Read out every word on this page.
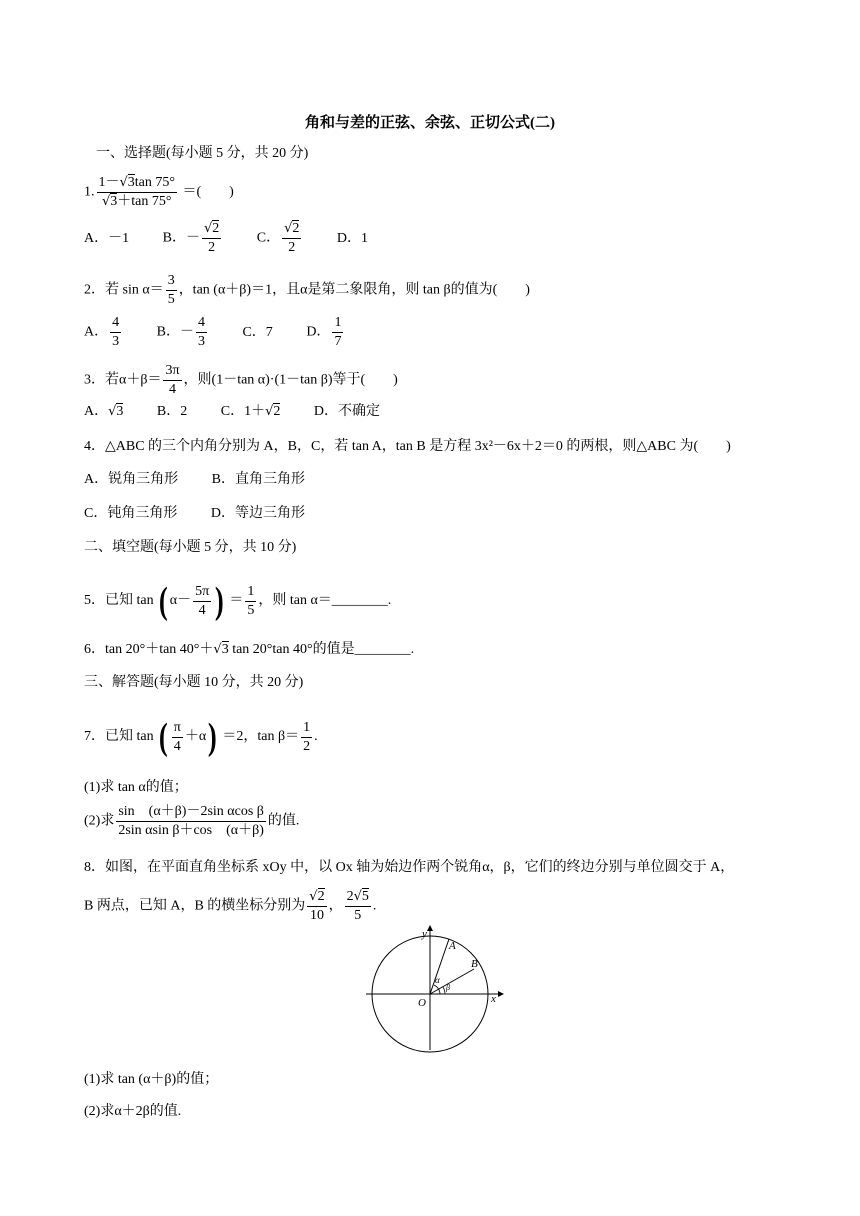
角和与差的正弦、余弦、正切公式(二)
一、选择题(每小题 5 分，共 20 分)
1. $\frac{1-√3\tan 75^\circ}{√3+\tan 75^\circ}$ ＝(　　)
A．－1 B．－ $\frac{√2}{2}$	C． $\frac{√2}{2}$	D．1
2．若 $\sin \alpha= \frac{3}{5}$ ，tan (α＋β)＝1，且α是第二象限角，则 tan β的值为(　　)
A． $\frac{4}{3}$	B．－ $\frac{4}{3}$	C．7 D． $\frac{1}{7}$
3．若$\alpha+\beta= \frac{3\pi}{4}$ ，则(1－tan α)·(1－tan β)等于(　　)
A．√3 B．2 C．1＋√2 D．不确定
4．△ABC 的三个内角分别为 A，B，C，若 tan A，tan B 是方程 3x²－6x＋2＝0 的两根，则△ABC 为(　　)
A．锐角三角形 B．直角三角形
C．钝角三角形 D．等边三角形
二、填空题(每小题 5 分，共 10 分)
5．已知 tan ( $\alpha- \frac{5\pi}{4}$ ) ＝ $\frac{1}{5}$ ，则 tan α＝________.
6．tan 20°＋tan 40°＋√3 tan 20°tan 40°的值是________.
三、解答题(每小题 10 分，共 20 分)
7．已知 tan ( $\frac{\pi}{4} +\alpha) =2$，$\tan \beta= \frac{1}{2}$ .
(1)求 tan α的值；
(2)求 $\frac{\text{sin　(α＋β)－2sin αcos β}}{\text{2sin αsin β＋cos　(α＋β)}}$ 的值.
8．如图，在平面直角坐标系 xOy 中，以 Ox 轴为始边作两个锐角α，β，它们的终边分别与单位圆交于 A，
B 两点，已知 A，B 的横坐标分别为 $\frac{√2}{10}$ ， $\frac{2√5}{5}$ .
y
x
O
A
B
α
β
(1)求 tan (α＋β)的值；
(2)求α＋2β的值.
